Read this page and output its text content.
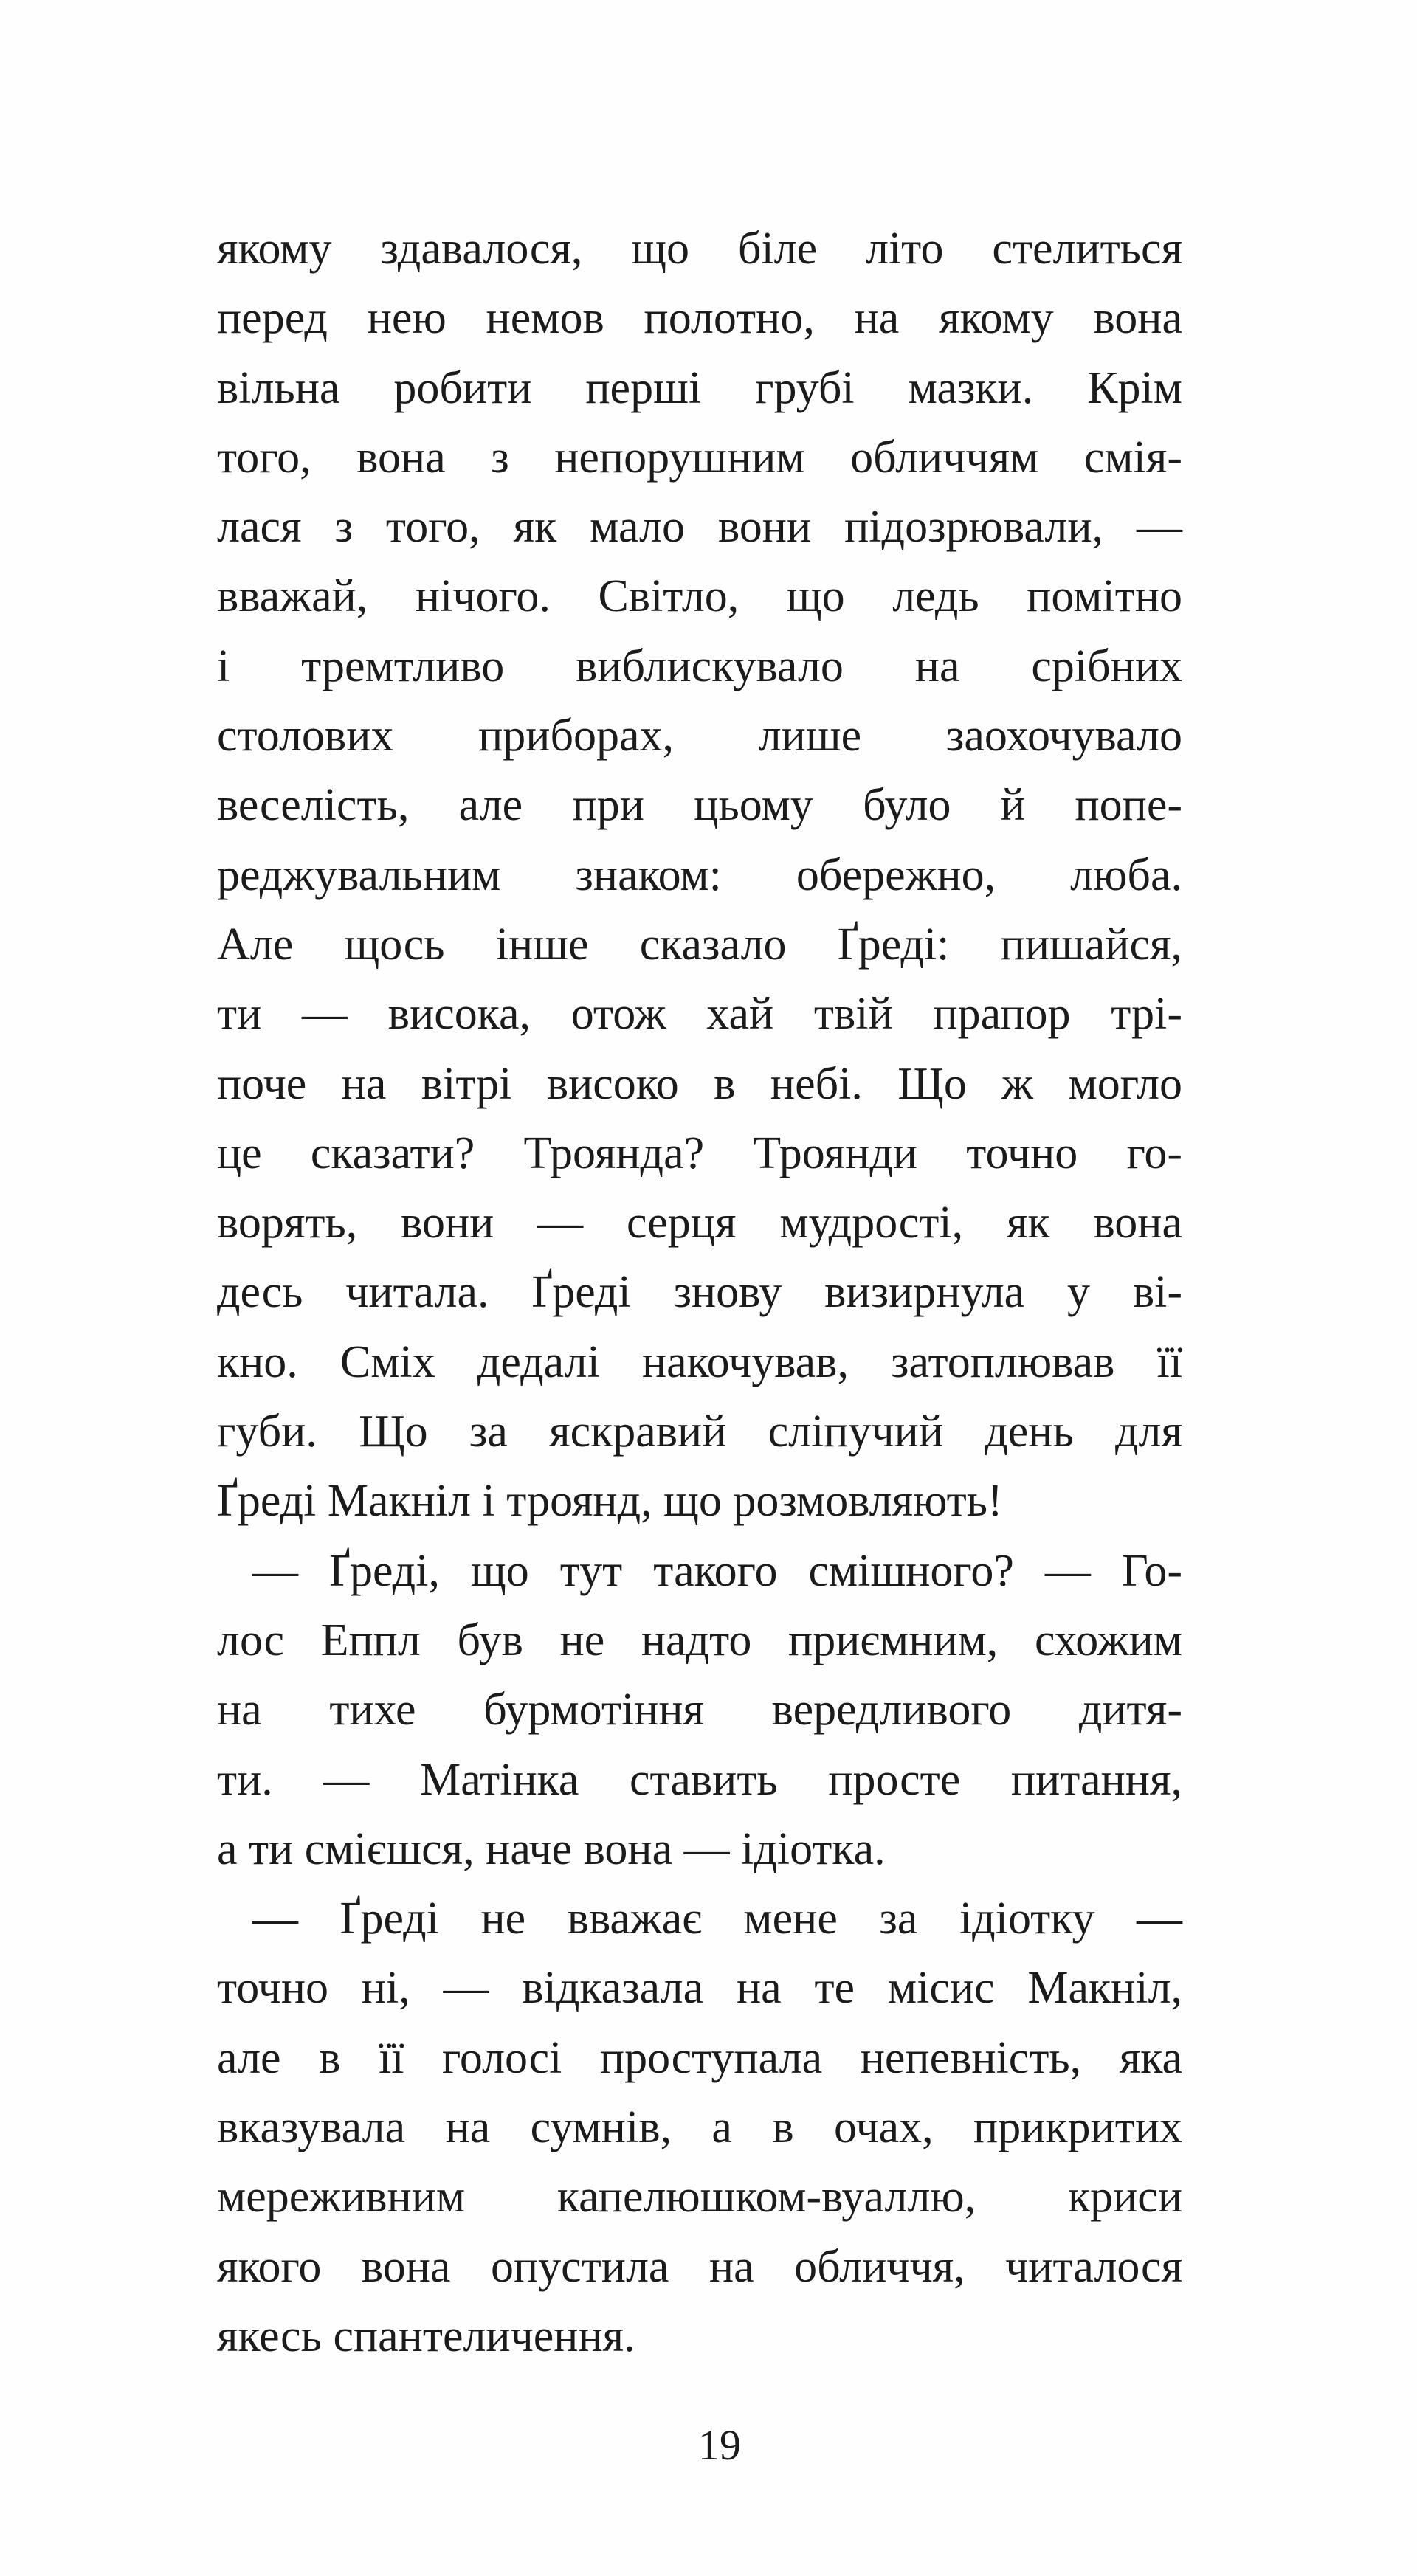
якому здавалося, що біле літо стелиться
перед нею немов полотно, на якому вона
вільна робити перші грубі мазки. Крім
того, вона з непорушним обличчям смія-
лася з того, як мало вони підозрювали, —
вважай, нічого. Світло, що ледь помітно
і тремтливо виблискувало на срібних
столових приборах, лише заохочувало
веселість, але при цьому було й попе-
реджувальним знаком: обережно, люба.
Але щось інше сказало Ґреді: пишайся,
ти — висока, отож хай твій прапор трі-
поче на вітрі високо в небі. Що ж могло
це сказати? Троянда? Троянди точно го-
ворять, вони — серця мудрості, як вона
десь читала. Ґреді знову визирнула у ві-
кно. Сміх дедалі накочував, затоплював її
губи. Що за яскравий сліпучий день для
Ґреді Макніл і троянд, що розмовляють!
— Ґреді, що тут такого смішного? — Го-
лос Еппл був не надто приємним, схожим
на тихе бурмотіння вередливого дитя-
ти. — Матінка ставить просте питання,
а ти смієшся, наче вона — ідіотка.
— Ґреді не вважає мене за ідіотку —
точно ні, — відказала на те місис Макніл,
але в її голосі проступала непевність, яка
вказувала на сумнів, а в очах, прикритих
мереживним капелюшком-вуаллю, криси
якого вона опустила на обличчя, читалося
якесь спантеличення.
19
